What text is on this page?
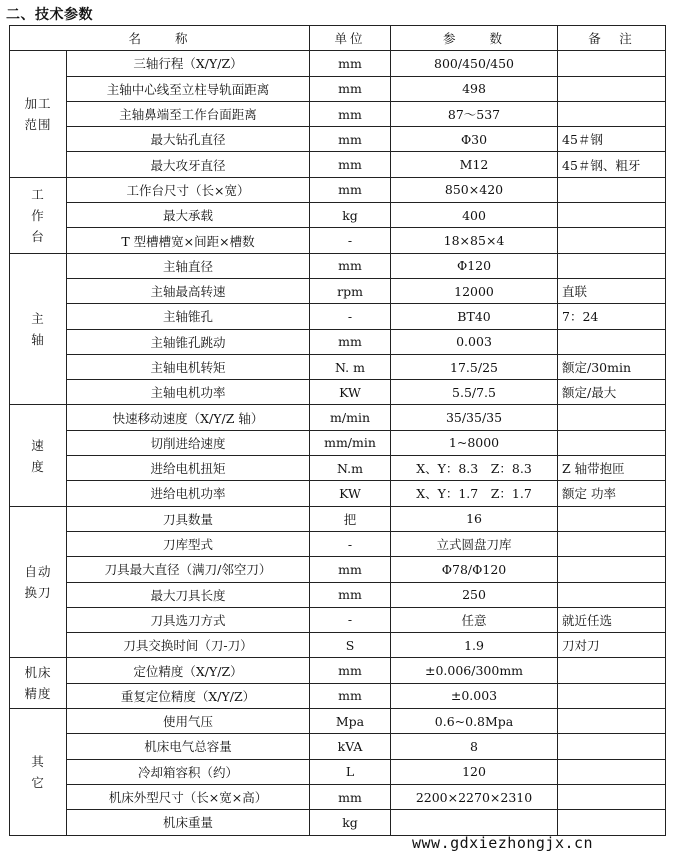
二、技术参数
名　　称		单位	参　　数	备　注

加工
范围	三轴行程（X/Y/Z）	mm	800/450/450	
	主轴中心线至立柱导轨面距离	mm	498	
	主轴鼻端至工作台面距离	mm	87～537	
	最大钻孔直径	mm	Φ30	45＃钢
	最大攻牙直径	mm	M12	45＃钢、粗牙

工
作
台	工作台尺寸（长×宽）	mm	850×420	
	最大承载	kg	400	
	T 型槽槽宽×间距×槽数	-	18×85×4	

主
轴	主轴直径	mm	Φ120	
	主轴最高转速	rpm	12000	直联
	主轴锥孔	-	BT40	7：24
	主轴锥孔跳动	mm	0.003	
	主轴电机转矩	N. m	17.5/25	额定/30min
	主轴电机功率	KW	5.5/7.5	额定/最大

速
度	快速移动速度（X/Y/Z 轴）	m/min	35/35/35	
	切削进给速度	mm/min	1~8000	
	进给电机扭矩	N.m	X、Y：8.3　Z：8.3	Z 轴带抱匝
	进给电机功率	KW	X、Y：1.7　Z：1.7	额定 功率

自动
换刀	刀具数量	把	16	
	刀库型式	-	立式圆盘刀库	
	刀具最大直径（满刀/邻空刀）	mm	Φ78/Φ120	
	最大刀具长度	mm	250	
	刀具选刀方式	-	任意	就近任选
	刀具交换时间（刀-刀）	S	1.9	刀对刀

机床
精度	定位精度（X/Y/Z）	mm	±0.006/300mm	
	重复定位精度（X/Y/Z）	mm	±0.003	

其
它	使用气压	Mpa	0.6~0.8Mpa	
	机床电气总容量	kVA	8	
	冷却箱容积（约）	L	120	
	机床外型尺寸（长×宽×高）	mm	2200×2270×2310	
	机床重量	kg		
www.gdxiezhongjx.cn
